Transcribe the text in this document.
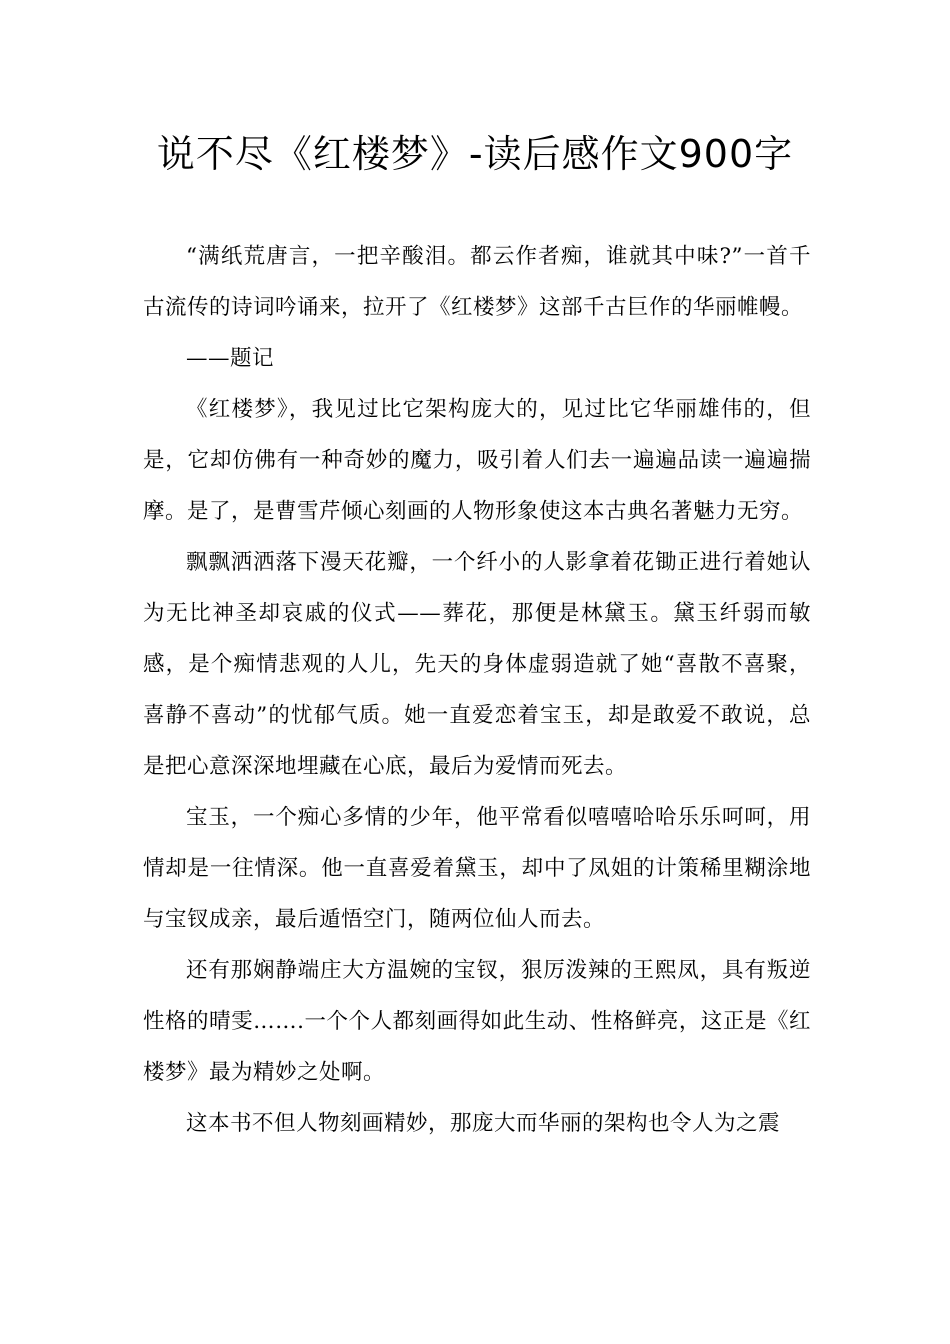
说不尽《红楼梦》-读后感作文900字

“满纸荒唐言，一把辛酸泪。都云作者痴，谁就其中味?”一首千古流传的诗词吟诵来，拉开了《红楼梦》这部千古巨作的华丽帷幔。

——题记

《红楼梦》，我见过比它架构庞大的，见过比它华丽雄伟的，但是，它却仿佛有一种奇妙的魔力，吸引着人们去一遍遍品读一遍遍揣摩。是了，是曹雪芹倾心刻画的人物形象使这本古典名著魅力无穷。

飘飘洒洒落下漫天花瓣，一个纤小的人影拿着花锄正进行着她认为无比神圣却哀戚的仪式——葬花，那便是林黛玉。黛玉纤弱而敏感，是个痴情悲观的人儿，先天的身体虚弱造就了她“喜散不喜聚，喜静不喜动”的忧郁气质。她一直爱恋着宝玉，却是敢爱不敢说，总是把心意深深地埋藏在心底，最后为爱情而死去。

宝玉，一个痴心多情的少年，他平常看似嘻嘻哈哈乐乐呵呵，用情却是一往情深。他一直喜爱着黛玉，却中了凤姐的计策稀里糊涂地与宝钗成亲，最后遁悟空门，随两位仙人而去。

还有那娴静端庄大方温婉的宝钗，狠厉泼辣的王熙凤，具有叛逆性格的晴雯…….一个个人都刻画得如此生动、性格鲜亮，这正是《红楼梦》最为精妙之处啊。

这本书不但人物刻画精妙，那庞大而华丽的架构也令人为之震
